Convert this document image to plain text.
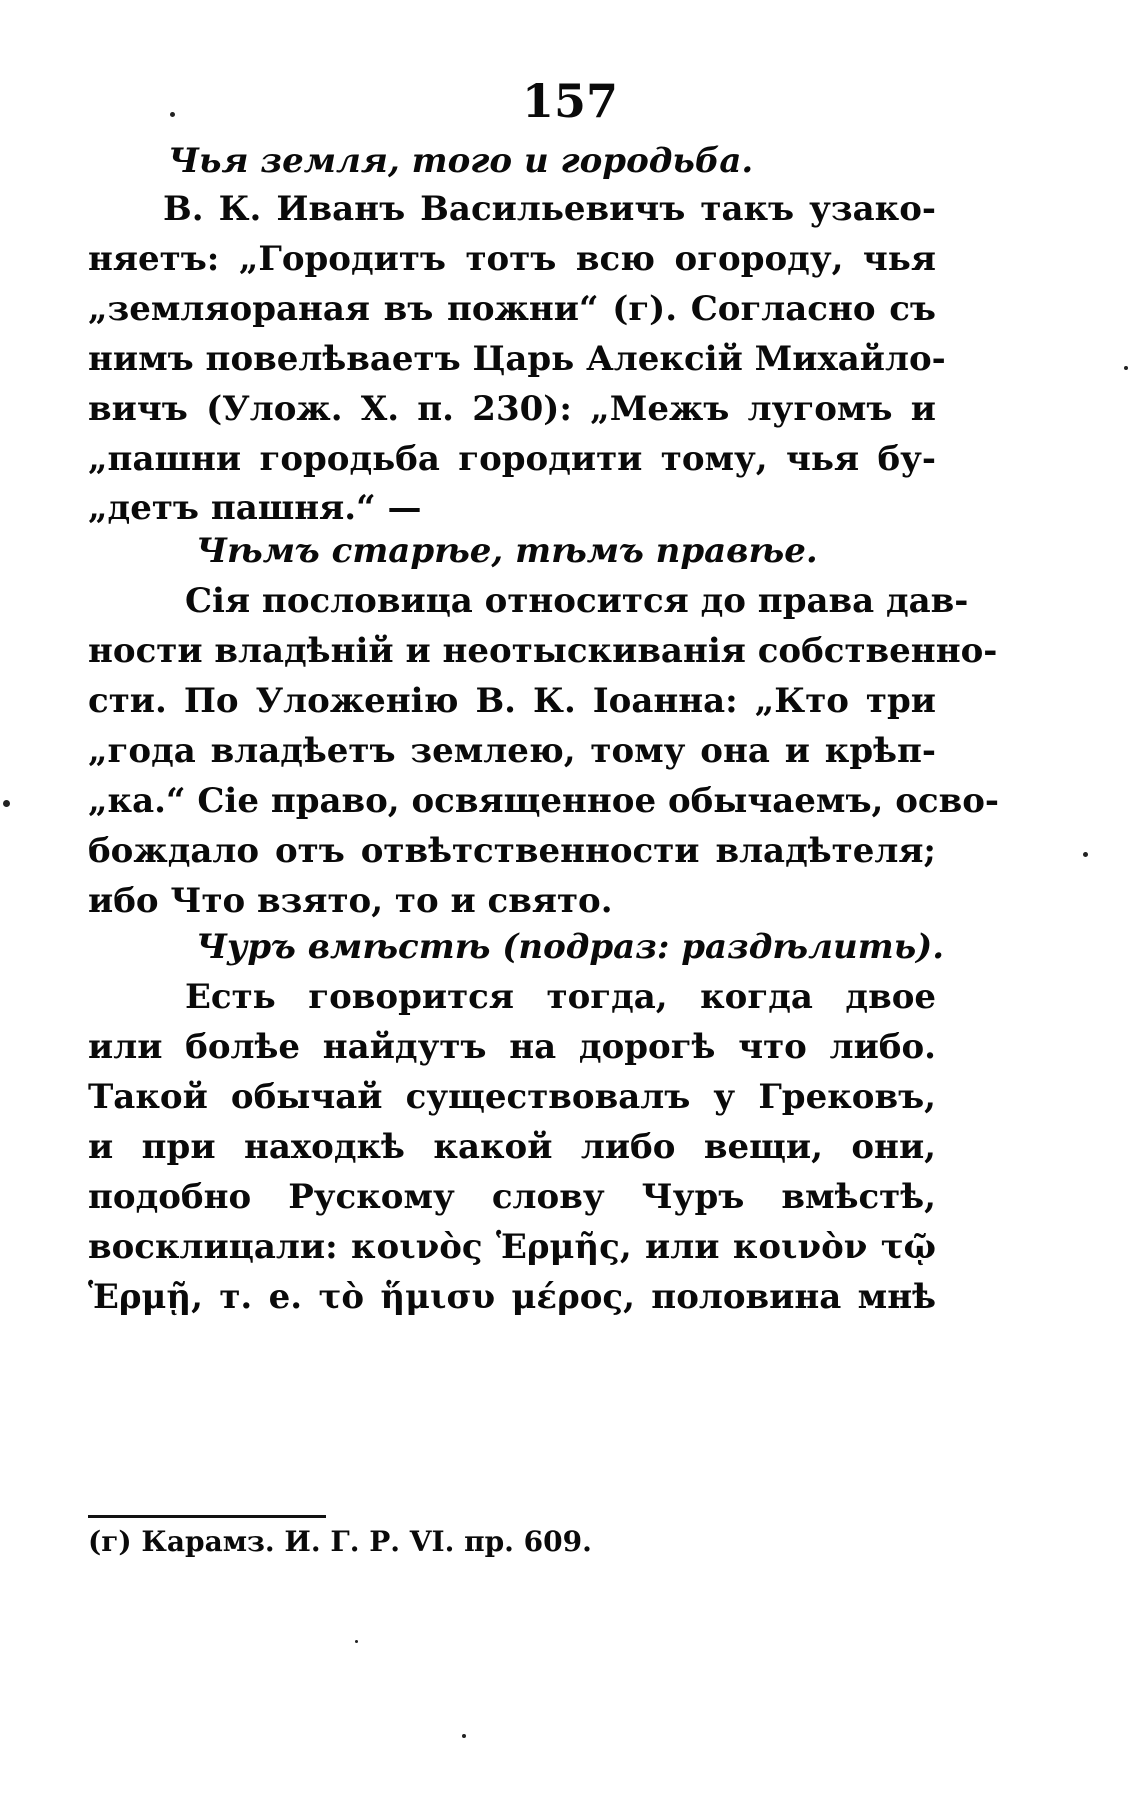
157
Чья земля, того и городьба.
В. К. Иванъ Васильевичъ такъ узако-
няетъ: „Городитъ тотъ всю огороду, чья
„земляораная въ пожни“ (г). Согласно съ
нимъ повелѣваетъ Царь Алексій Михайло-
вичъ (Улож. X. п. 230): „Межъ лугомъ и
„пашни городьба городити тому, чья бу-
„детъ пашня.“ —
Чѣмъ старѣе, тѣмъ правѣе.
Сія пословица относится до права дав-
ности владѣній и неотыскиванія собственно-
сти. По Уложенію В. К. Іоанна: „Кто три
„года владѣетъ землею, тому она и крѣп-
„ка.“ Сіе право, освященное обычаемъ, осво-
бождало отъ отвѣтственности владѣтеля;
ибо Что взято, то и свято.
Чуръ вмѣстѣ (подраз: раздѣлить).
Есть говорится тогда, когда двое
или болѣе найдутъ на дорогѣ что либо.
Такой обычай существовалъ у Грековъ,
и при находкѣ какой либо вещи, они,
подобно Рускому слову Чуръ вмѣстѣ,
восклицали: κοινὸς Ἑρμῆς, или κοινὸν τῷ
Ἑρμῇ, т. е. τὸ ἥμισυ μέρος, половина мнѣ
(г) Карамз. И. Г. Р. VI. пр. 609.
